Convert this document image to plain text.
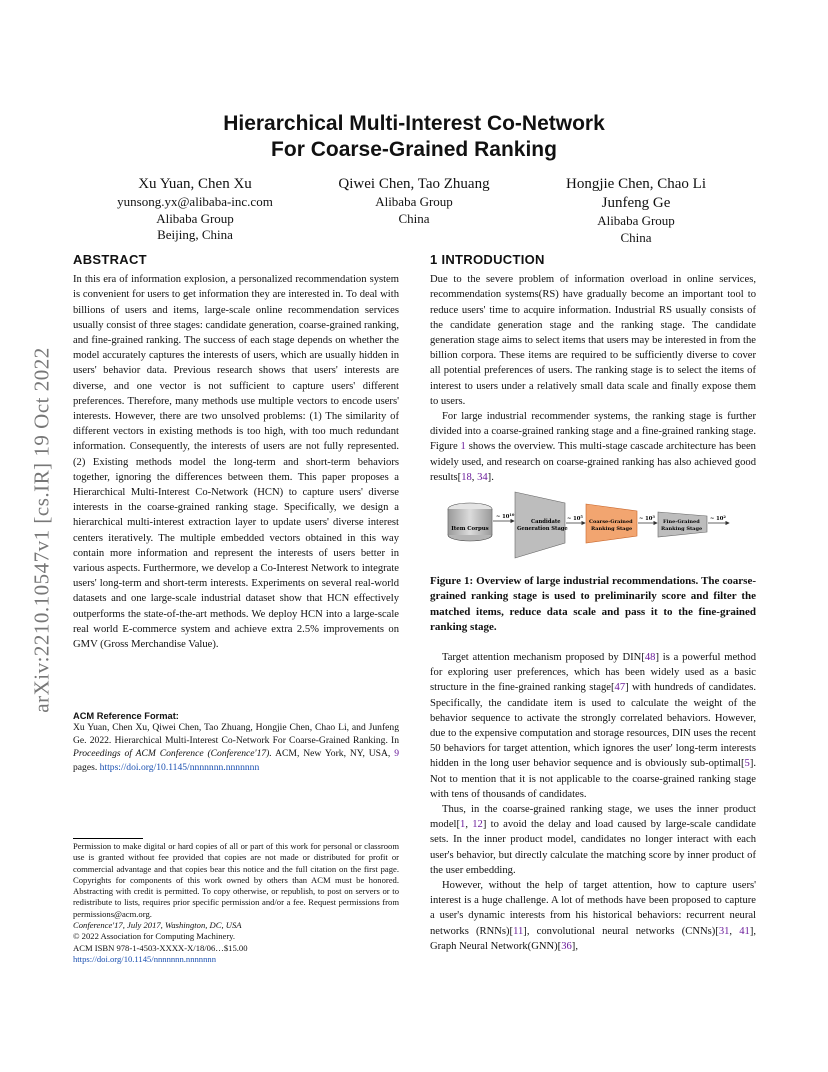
arXiv:2210.10547v1 [cs.IR] 19 Oct 2022
Hierarchical Multi-Interest Co-Network
For Coarse-Grained Ranking
Xu Yuan, Chen Xu
yunsong.yx@alibaba-inc.com
Alibaba Group
Beijing, China
Qiwei Chen, Tao Zhuang
Alibaba Group
China
Hongjie Chen, Chao Li
Junfeng Ge
Alibaba Group
China
ABSTRACT

In this era of information explosion, a personalized recommendation system is convenient for users to get information they are interested in. To deal with billions of users and items, large-scale online recommendation services usually consist of three stages: candidate generation, coarse-grained ranking, and fine-grained ranking. The success of each stage depends on whether the model accurately captures the interests of users, which are usually hidden in users' behavior data. Previous research shows that users' interests are diverse, and one vector is not sufficient to capture users' different preferences. Therefore, many methods use multiple vectors to encode users' interests. However, there are two unsolved problems: (1) The similarity of different vectors in existing methods is too high, with too much redundant information. Consequently, the interests of users are not fully represented. (2) Existing methods model the long-term and short-term behaviors together, ignoring the differences between them. This paper proposes a Hierarchical Multi-Interest Co-Network (HCN) to capture users' diverse interests in the coarse-grained ranking stage. Specifically, we design a hierarchical multi-interest extraction layer to update users' diverse interest centers iteratively. The multiple embedded vectors obtained in this way contain more information and represent the interests of users better in various aspects. Furthermore, we develop a Co-Interest Network to integrate users' long-term and short-term interests. Experiments on several real-world datasets and one large-scale industrial dataset show that HCN effectively outperforms the state-of-the-art methods. We deploy HCN into a large-scale real world E-commerce system and achieve extra 2.5% improvements on GMV (Gross Merchandise Value).

ACM Reference Format:
Xu Yuan, Chen Xu, Qiwei Chen, Tao Zhuang, Hongjie Chen, Chao Li, and Junfeng Ge. 2022. Hierarchical Multi-Interest Co-Network For Coarse-Grained Ranking. In Proceedings of ACM Conference (Conference'17). ACM, New York, NY, USA, 9 pages. https://doi.org/10.1145/nnnnnnn.nnnnnnn
Permission to make digital or hard copies of all or part of this work for personal or classroom use is granted without fee provided that copies are not made or distributed for profit or commercial advantage and that copies bear this notice and the full citation on the first page. Copyrights for components of this work owned by others than ACM must be honored. Abstracting with credit is permitted. To copy otherwise, or republish, to post on servers or to redistribute to lists, requires prior specific permission and/or a fee. Request permissions from permissions@acm.org.
Conference'17, July 2017, Washington, DC, USA
© 2022 Association for Computing Machinery.
ACM ISBN 978-1-4503-XXXX-X/18/06…$15.00
https://doi.org/10.1145/nnnnnnn.nnnnnnn
1 INTRODUCTION

Due to the severe problem of information overload in online services, recommendation systems(RS) have gradually become an important tool to reduce users' time to acquire information. Industrial RS usually consists of the candidate generation stage and the ranking stage. The candidate generation stage aims to select items that users may be interested in from the billion corpora. These items are required to be sufficiently diverse to cover all potential preferences of users. The ranking stage is to select the items of interest to users under a relatively small data scale and finally expose them to users.

For large industrial recommender systems, the ranking stage is further divided into a coarse-grained ranking stage and a fine-grained ranking stage. Figure 1 shows the overview. This multi-stage cascade architecture has been widely used, and research on coarse-grained ranking has also achieved good results[18, 34].

Item Corpus
~ $10^{10}$
Candidate
Generation Stage
~ $10^5$
Coarse-Grained
Ranking Stage
~ $10^3$
Fine-Grained
Ranking Stage
~ $10^2$
Figure 1: Overview of large industrial recommendations. The coarse-grained ranking stage is used to preliminarily score and filter the matched items, reduce data scale and pass it to the fine-grained ranking stage.

Target attention mechanism proposed by DIN[48] is a powerful method for exploring user preferences, which has been widely used as a basic structure in the fine-grained ranking stage[47] with hundreds of candidates. Specifically, the candidate item is used to calculate the weight of the behavior sequence to activate the strongly correlated behaviors. However, due to the expensive computation and storage resources, DIN uses the recent 50 behaviors for target attention, which ignores the user' long-term interests hidden in the long user behavior sequence and is obviously sub-optimal[5]. Not to mention that it is not applicable to the coarse-grained ranking stage with tens of thousands of candidates.

Thus, in the coarse-grained ranking stage, we uses the inner product model[1, 12] to avoid the delay and load caused by large-scale candidate sets. In the inner product model, candidates no longer interact with each user's behavior, but directly calculate the matching score by inner product of the user embedding.

However, without the help of target attention, how to capture users' interest is a huge challenge. A lot of methods have been proposed to capture a user's dynamic interests from his historical behaviors: recurrent neural networks (RNNs)[11], convolutional neural networks (CNNs)[31, 41], Graph Neural Network(GNN)[36],
